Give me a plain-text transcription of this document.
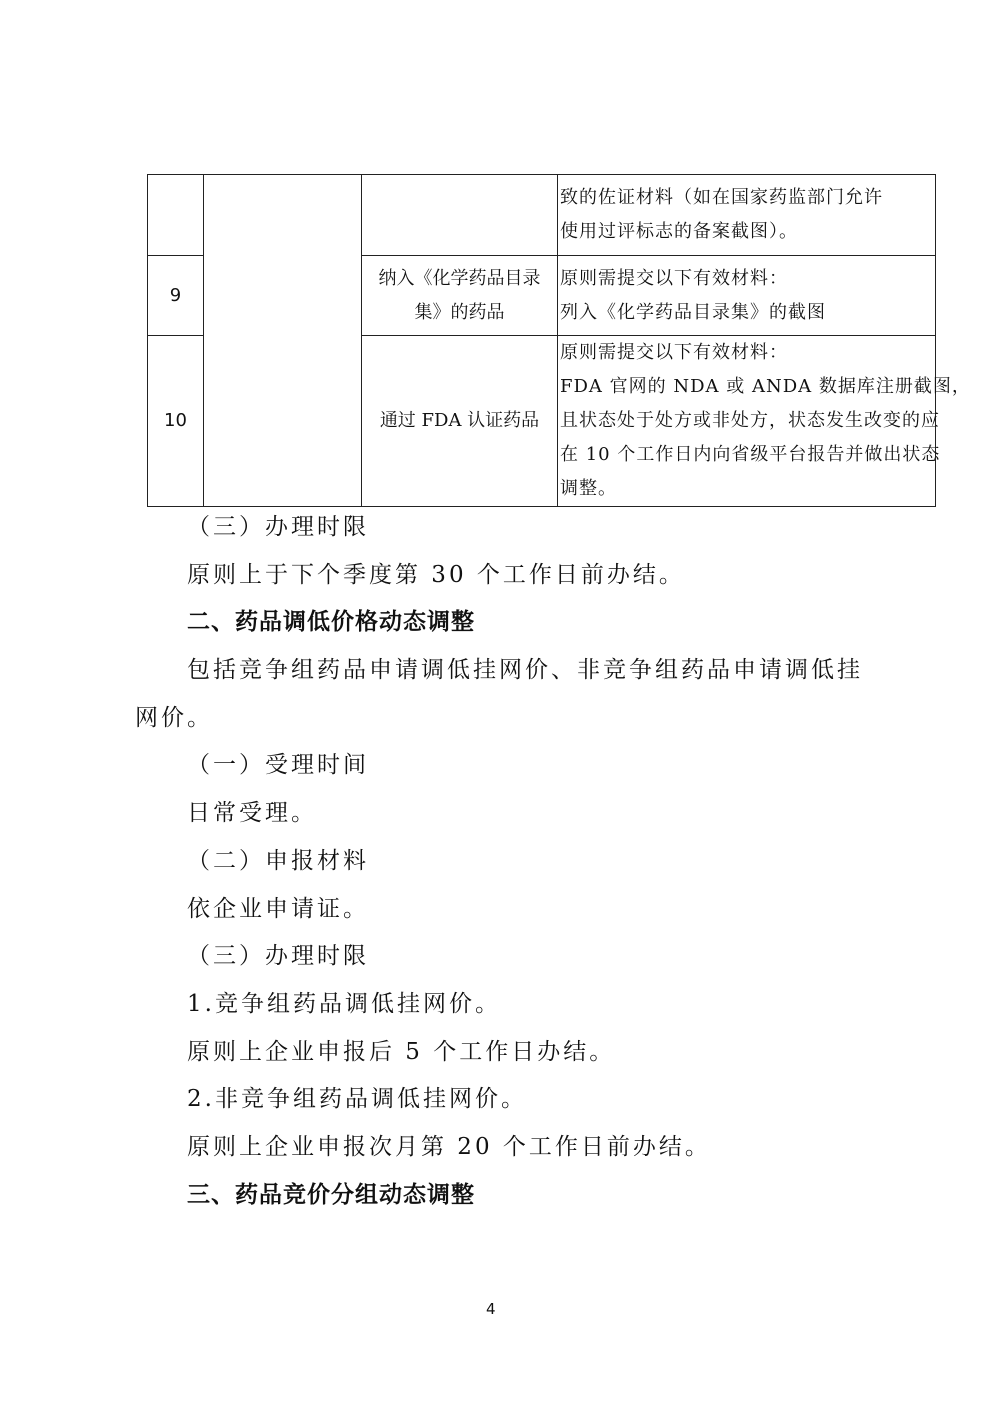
			致的佐证材料（如在国家药监部门允许
使用过评标志的备案截图）。

9		纳入《化学药品目录
集》的药品	原则需提交以下有效材料：
列入《化学药品目录集》的截图

10		通过 FDA 认证药品	原则需提交以下有效材料：
FDA 官网的 NDA 或 ANDA 数据库注册截图，
且状态处于处方或非处方，状态发生改变的应
在 10 个工作日内向省级平台报告并做出状态
调整。
（三）办理时限
原则上于下个季度第 30 个工作日前办结。
二、药品调低价格动态调整
包括竞争组药品申请调低挂网价、非竞争组药品申请调低挂
网价。
（一）受理时间
日常受理。
（二）申报材料
依企业申请证。
（三）办理时限
1.竞争组药品调低挂网价。
原则上企业申报后 5 个工作日办结。
2.非竞争组药品调低挂网价。
原则上企业申报次月第 20 个工作日前办结。
三、药品竞价分组动态调整
4
